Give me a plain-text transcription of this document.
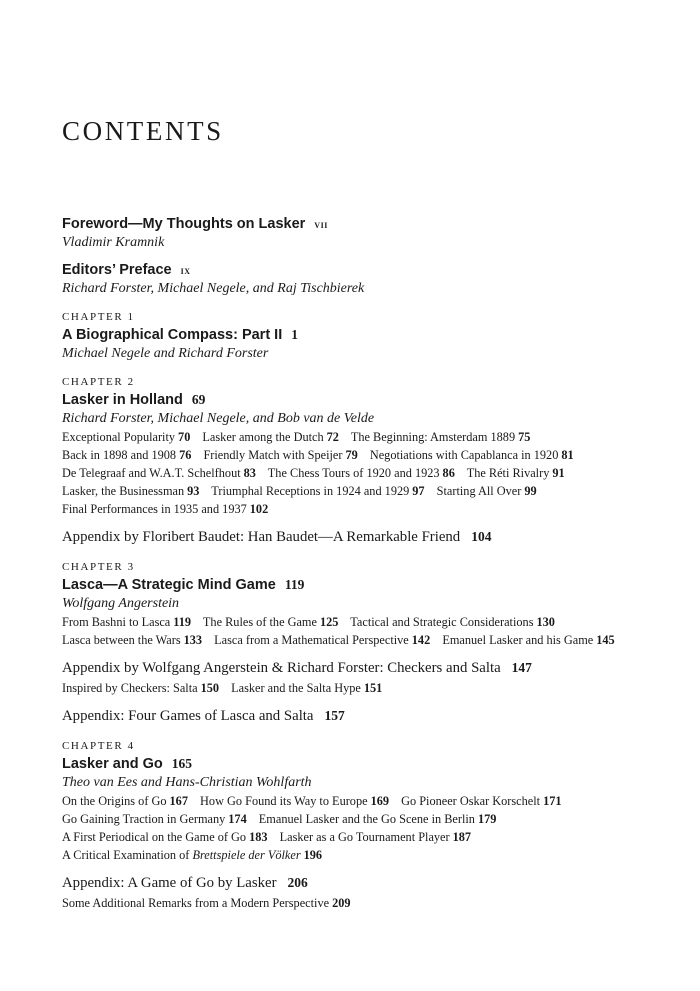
CONTENTS
Foreword—My Thoughts on Lasker vii
Vladimir Kramnik
Editors’ Preface ix
Richard Forster, Michael Negele, and Raj Tischbierek
CHAPTER 1
A Biographical Compass: Part II 1
Michael Negele and Richard Forster
CHAPTER 2
Lasker in Holland 69
Richard Forster, Michael Negele, and Bob van de Velde
Exceptional Popularity 70 Lasker among the Dutch 72 The Beginning: Amsterdam 1889 75
Back in 1898 and 1908 76 Friendly Match with Speijer 79 Negotiations with Capablanca in 1920 81
De Telegraaf and W.A.T. Schelfhout 83 The Chess Tours of 1920 and 1923 86 The Réti Rivalry 91
Lasker, the Businessman 93 Triumphal Receptions in 1924 and 1929 97 Starting All Over 99
Final Performances in 1935 and 1937 102
Appendix by Floribert Baudet: Han Baudet—A Remarkable Friend 104
CHAPTER 3
Lasca—A Strategic Mind Game 119
Wolfgang Angerstein
From Bashni to Lasca 119 The Rules of the Game 125 Tactical and Strategic Considerations 130
Lasca between the Wars 133 Lasca from a Mathematical Perspective 142 Emanuel Lasker and his Game 145
Appendix by Wolfgang Angerstein & Richard Forster: Checkers and Salta 147
Inspired by Checkers: Salta 150 Lasker and the Salta Hype 151
Appendix: Four Games of Lasca and Salta 157
CHAPTER 4
Lasker and Go 165
Theo van Ees and Hans-Christian Wohlfarth
On the Origins of Go 167 How Go Found its Way to Europe 169 Go Pioneer Oskar Korschelt 171
Go Gaining Traction in Germany 174 Emanuel Lasker and the Go Scene in Berlin 179
A First Periodical on the Game of Go 183 Lasker as a Go Tournament Player 187
A Critical Examination of Brettspiele der Völker 196
Appendix: A Game of Go by Lasker 206
Some Additional Remarks from a Modern Perspective 209
